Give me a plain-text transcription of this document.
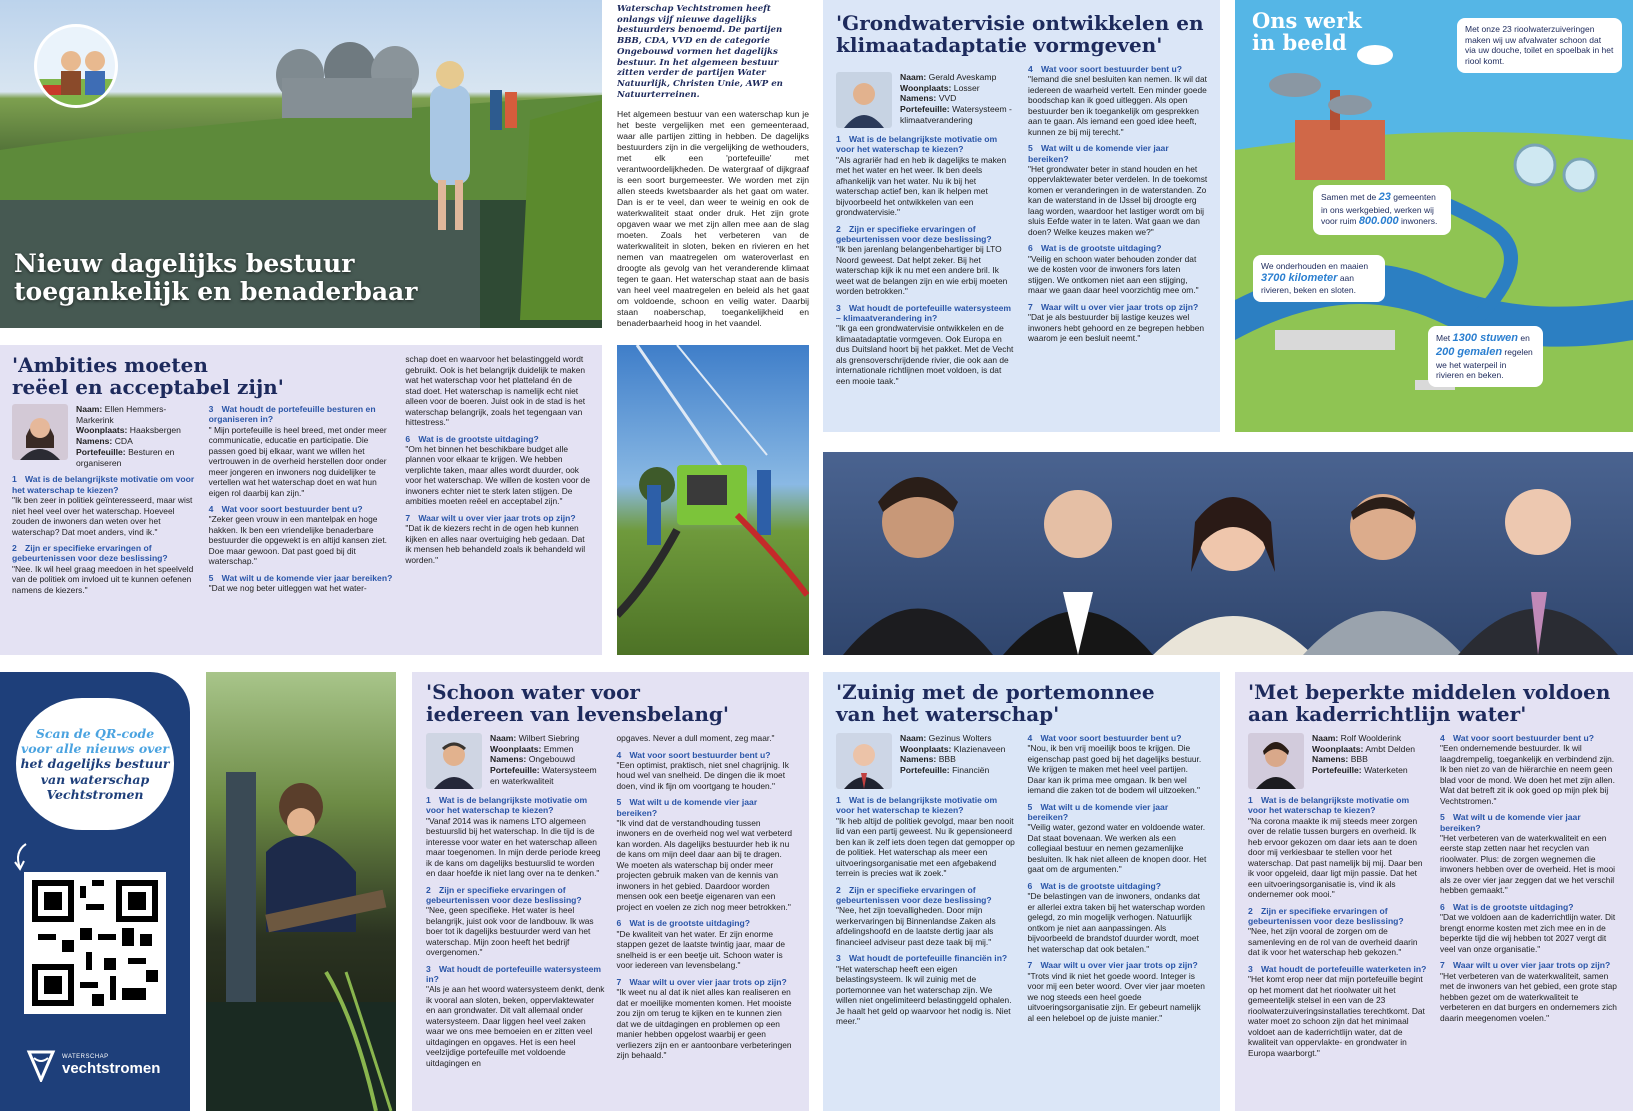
Nieuw dagelijks bestuur
toegankelijk en benaderbaar
Waterschap Vechtstromen heeft onlangs vijf nieuwe dagelijks bestuurders benoemd. De partijen BBB, CDA, VVD en de categorie Ongebouwd vormen het dagelijks bestuur. In het algemeen bestuur zitten verder de partijen Water Natuurlijk, Christen Unie, AWP en Natuurterreinen.
Het algemeen bestuur van een waterschap kun je het beste vergelijken met een gemeenteraad, waar alle partijen zitting in hebben. De dagelijks bestuurders zijn in die vergelijking de wethouders, met elk een 'portefeuille' met verantwoordelijkheden. De watergraaf of dijkgraaf is een soort burgemeester. We worden met zijn allen steeds kwetsbaarder als het gaat om water. Dan is er te veel, dan weer te weinig en ook de waterkwaliteit staat onder druk. Het zijn grote opgaven waar we met zijn allen mee aan de slag moeten. Zoals het verbeteren van de waterkwaliteit in sloten, beken en rivieren en het nemen van maatregelen om wateroverlast en droogte als gevolg van het veranderende klimaat tegen te gaan. Het waterschap staat aan de basis van heel veel maatregelen en beleid als het gaat om voldoende, schoon en veilig water. Daarbij staan noaberschap, toegankelijkheid en benaderbaarheid hoog in het vaandel.
'Grondwatervisie ontwikkelen en klimaatadaptatie vormgeven'
Naam: Gerald Aveskamp
Woonplaats: Losser
Namens: VVD
Portefeuille: Watersysteem - klimaatverandering
1 Wat is de belangrijkste motivatie om voor het waterschap te kiezen?
"Als agrariër had en heb ik dagelijks te maken met het water en het weer. Ik ben deels afhankelijk van het water. Nu ik bij het waterschap actief ben, kan ik helpen met bijvoorbeeld het ontwikkelen van een grondwatervisie."
2 Zijn er specifieke ervaringen of gebeurtenissen voor deze beslissing?
"Ik ben jarenlang belangenbehartiger bij LTO Noord geweest. Dat helpt zeker. Bij het waterschap kijk ik nu met een andere bril. Ik weet wat de belangen zijn en wie erbij moeten worden betrokken."
3 Wat houdt de portefeuille watersysteem – klimaatverandering in?
"Ik ga een grondwatervisie ontwikkelen en de klimaatadaptatie vormgeven. Ook Europa en dus Duitsland hoort bij het pakket. Met de Vecht als grensoverschrijdende rivier, die ook aan de internationale richtlijnen moet voldoen, is dat een mooie taak."
4 Wat voor soort bestuurder bent u?
"Iemand die snel besluiten kan nemen. Ik wil dat iedereen de waarheid vertelt. Een minder goede boodschap kan ik goed uitleggen. Als open bestuurder ben ik toegankelijk om gesprekken aan te gaan. Als iemand een goed idee heeft, kunnen ze bij mij terecht."
5 Wat wilt u de komende vier jaar bereiken?
"Het grondwater beter in stand houden en het oppervlaktewater beter verdelen. In de toekomst komen er veranderingen in de waterstanden. Zo kan de waterstand in de IJssel bij droogte erg laag worden, waardoor het lastiger wordt om bij sluis Eefde water in te laten. Wat gaan we dan doen? Welke keuzes maken we?"
6 Wat is de grootste uitdaging?
"Veilig en schoon water behouden zonder dat we de kosten voor de inwoners fors laten stijgen. We ontkomen niet aan een stijging, maar we gaan daar heel voorzichtig mee om."
7 Waar wilt u over vier jaar trots op zijn?
"Dat je als bestuurder bij lastige keuzes wel inwoners hebt gehoord en ze begrepen hebben waarom je een besluit neemt."
Ons werk
in beeld
Met onze 23 rioolwaterzuiveringen maken wij uw afvalwater schoon dat via uw douche, toilet en spoelbak in het riool komt.
Samen met de 23 gemeenten in ons werkgebied, werken wij voor ruim 800.000 inwoners.
We onderhouden en maaien 3700 kilometer aan rivieren, beken en sloten.
Met 1300 stuwen en 200 gemalen regelen we het waterpeil in rivieren en beken.
'Ambities moeten
reëel en acceptabel zijn'
Naam: Ellen Hemmers-Markerink
Woonplaats: Haaksbergen
Namens: CDA
Portefeuille: Besturen en organiseren
1 Wat is de belangrijkste motivatie om voor het waterschap te kiezen?
"Ik ben zeer in politiek geïnteresseerd, maar wist niet heel veel over het waterschap. Hoeveel zouden de inwoners dan weten over het waterschap? Dat moet anders, vind ik."
2 Zijn er specifieke ervaringen of gebeurtenissen voor deze beslissing?
"Nee. Ik wil heel graag meedoen in het speelveld van de politiek om invloed uit te kunnen oefenen namens de kiezers."
3 Wat houdt de portefeuille besturen en organiseren in?
" Mijn portefeuille is heel breed, met onder meer communicatie, educatie en participatie. Die passen goed bij elkaar, want we willen het vertrouwen in de overheid herstellen door onder meer jongeren en inwoners nog duidelijker te vertellen wat het waterschap doet en wat hun eigen rol daarbij kan zijn."
4 Wat voor soort bestuurder bent u?
"Zeker geen vrouw in een mantelpak en hoge hakken. Ik ben een vriendelijke benaderbare bestuurder die opgewekt is en altijd kansen ziet. Doe maar gewoon. Dat past goed bij dit waterschap."
5 Wat wilt u de komende vier jaar bereiken?
"Dat we nog beter uitleggen wat het water-
schap doet en waarvoor het belastinggeld wordt gebruikt. Ook is het belangrijk duidelijk te maken wat het waterschap voor het platteland én de stad doet. Het waterschap is namelijk echt niet alleen voor de boeren. Juist ook in de stad is het waterschap belangrijk, zoals het tegengaan van hittestress."
6 Wat is de grootste uitdaging?
"Om het binnen het beschikbare budget alle plannen voor elkaar te krijgen. We hebben verplichte taken, maar alles wordt duurder, ook voor het waterschap. We willen de kosten voor de inwoners echter niet te sterk laten stijgen. De ambities moeten reëel en acceptabel zijn."
7 Waar wilt u over vier jaar trots op zijn?
"Dat ik de kiezers recht in de ogen heb kunnen kijken en alles naar overtuiging heb gedaan. Dat ik mensen heb behandeld zoals ik behandeld wil worden."
Scan de QR-code
voor alle nieuws over
het dagelijks bestuur
van waterschap
Vechtstromen
WATERSCHAP
vechtstromen
'Schoon water voor
iedereen van levensbelang'
Naam: Wilbert Siebring
Woonplaats: Emmen
Namens: Ongebouwd
Portefeuille: Watersysteem en waterkwaliteit
1 Wat is de belangrijkste motivatie om voor het waterschap te kiezen?
"Vanaf 2014 was ik namens LTO algemeen bestuurslid bij het waterschap. In die tijd is de interesse voor water en het waterschap alleen maar toegenomen. In mijn derde periode kreeg ik de kans om dagelijks bestuurslid te worden en daar hoefde ik niet lang over na te denken."
2 Zijn er specifieke ervaringen of gebeurtenissen voor deze beslissing?
"Nee, geen specifieke. Het water is heel belangrijk, juist ook voor de landbouw. Ik was boer tot ik dagelijks bestuurder werd van het waterschap. Mijn zoon heeft het bedrijf overgenomen."
3 Wat houdt de portefeuille watersysteem in?
"Als je aan het woord watersysteem denkt, denk ik vooral aan sloten, beken, oppervlaktewater en aan grondwater. Dit valt allemaal onder watersysteem. Daar liggen heel veel zaken waar we ons mee bemoeien en er zitten veel uitdagingen en opgaves. Het is een heel veelzijdige portefeuille met voldoende uitdagingen en
opgaves. Never a dull moment, zeg maar."
4 Wat voor soort bestuurder bent u?
"Een optimist, praktisch, niet snel chagrijnig. Ik houd wel van snelheid. De dingen die ik moet doen, vind ik fijn om voortgang te houden."
5 Wat wilt u de komende vier jaar bereiken?
"Ik vind dat de verstandhouding tussen inwoners en de overheid nog wel wat verbeterd kan worden. Als dagelijks bestuurder heb ik nu de kans om mijn deel daar aan bij te dragen. We moeten als waterschap bij onder meer projecten gebruik maken van de kennis van inwoners in het gebied. Daardoor worden mensen ook een beetje eigenaren van een project en voelen ze zich nog meer betrokken."
6 Wat is de grootste uitdaging?
"De kwaliteit van het water. Er zijn enorme stappen gezet de laatste twintig jaar, maar de snelheid is er een beetje uit. Schoon water is voor iedereen van levensbelang."
7 Waar wilt u over vier jaar trots op zijn?
"Ik weet nu al dat ik niet alles kan realiseren en dat er moeilijke momenten komen. Het mooiste zou zijn om terug te kijken en te kunnen zien dat we de uitdagingen en problemen op een manier hebben opgelost waarbij er geen verliezers zijn en er aantoonbare verbeteringen zijn behaald."
'Zuinig met de portemonnee
van het waterschap'
Naam: Gezinus Wolters
Woonplaats: Klazienaveen
Namens: BBB
Portefeuille: Financiën
1 Wat is de belangrijkste motivatie om voor het waterschap te kiezen?
"Ik heb altijd de politiek gevolgd, maar ben nooit lid van een partij geweest. Nu ik gepensioneerd ben kan ik zelf iets doen tegen dat gemopper op de politiek. Het waterschap als meer een uitvoeringsorganisatie met een afgebakend terrein is precies wat ik zoek."
2 Zijn er specifieke ervaringen of gebeurtenissen voor deze beslissing?
"Nee, het zijn toevalligheden. Door mijn werkervaringen bij Binnenlandse Zaken als afdelingshoofd en de laatste dertig jaar als financieel adviseur past deze taak bij mij."
3 Wat houdt de portefeuille financiën in?
"Het waterschap heeft een eigen belastingsysteem. Ik wil zuinig met de portemonnee van het waterschap zijn. We willen niet ongelimiteerd belastinggeld ophalen. Je haalt het geld op waarvoor het nodig is. Niet meer."
4 Wat voor soort bestuurder bent u?
"Nou, ik ben vrij moeilijk boos te krijgen. Die eigenschap past goed bij het dagelijks bestuur. We krijgen te maken met heel veel partijen. Daar kan ik prima mee omgaan. Ik ben wel iemand die zaken tot de bodem wil uitzoeken."
5 Wat wilt u de komende vier jaar bereiken?
"Veilig water, gezond water en voldoende water. Dat staat bovenaan. We werken als een collegiaal bestuur en nemen gezamenlijke besluiten. Ik hak niet alleen de knopen door. Het gaat om de argumenten."
6 Wat is de grootste uitdaging?
"De belastingen van de inwoners, ondanks dat er allerlei extra taken bij het waterschap worden gelegd, zo min mogelijk verhogen. Natuurlijk ontkom je niet aan aanpassingen. Als bijvoorbeeld de brandstof duurder wordt, moet het waterschap dat ook betalen."
7 Waar wilt u over vier jaar trots op zijn?
"Trots vind ik niet het goede woord. Integer is voor mij een beter woord. Over vier jaar moeten we nog steeds een heel goede uitvoeringsorganisatie zijn. Er gebeurt namelijk al een heleboel op de juiste manier."
'Met beperkte middelen voldoen
aan kaderrichtlijn water'
Naam: Rolf Woolderink
Woonplaats: Ambt Delden
Namens: BBB
Portefeuille: Waterketen
1 Wat is de belangrijkste motivatie om voor het waterschap te kiezen?
"Na corona maakte ik mij steeds meer zorgen over de relatie tussen burgers en overheid. Ik heb ervoor gekozen om daar iets aan te doen door mij verkiesbaar te stellen voor het waterschap. Dat past namelijk bij mij. Daar ben ik voor opgeleid, daar ligt mijn passie. Dat het een uitvoeringsorganisatie is, vind ik als ondernemer ook mooi."
2 Zijn er specifieke ervaringen of gebeurtenissen voor deze beslissing?
"Nee, het zijn vooral de zorgen om de samenleving en de rol van de overheid daarin dat ik voor het waterschap heb gekozen."
3 Wat houdt de portefeuille waterketen in?
"Het komt erop neer dat mijn portefeuille begint op het moment dat het rioolwater uit het gemeentelijk stelsel in een van de 23 rioolwaterzuiveringsinstallaties terechtkomt. Dat water moet zo schoon zijn dat het minimaal voldoet aan de kaderrichtlijn water, dat de kwaliteit van oppervlakte- en grondwater in Europa waarborgt."
4 Wat voor soort bestuurder bent u?
"Een ondernemende bestuurder. Ik wil laagdrempelig, toegankelijk en verbindend zijn. Ik ben niet zo van de hiërarchie en neem geen blad voor de mond. We doen het met zijn allen. Wat dat betreft zit ik ook goed op mijn plek bij Vechtstromen."
5 Wat wilt u de komende vier jaar bereiken?
"Het verbeteren van de waterkwaliteit en een eerste stap zetten naar het recyclen van rioolwater. Plus: de zorgen wegnemen die inwoners hebben over de overheid. Het is mooi als ze over vier jaar zeggen dat we het verschil hebben gemaakt."
6 Wat is de grootste uitdaging?
"Dat we voldoen aan de kaderrichtlijn water. Dit brengt enorme kosten met zich mee en in de beperkte tijd die wij hebben tot 2027 vergt dit veel van onze organisatie."
7 Waar wilt u over vier jaar trots op zijn?
"Het verbeteren van de waterkwaliteit, samen met de inwoners van het gebied, een grote stap hebben gezet om de waterkwaliteit te verbeteren en dat burgers en ondernemers zich daarin meegenomen voelen."
